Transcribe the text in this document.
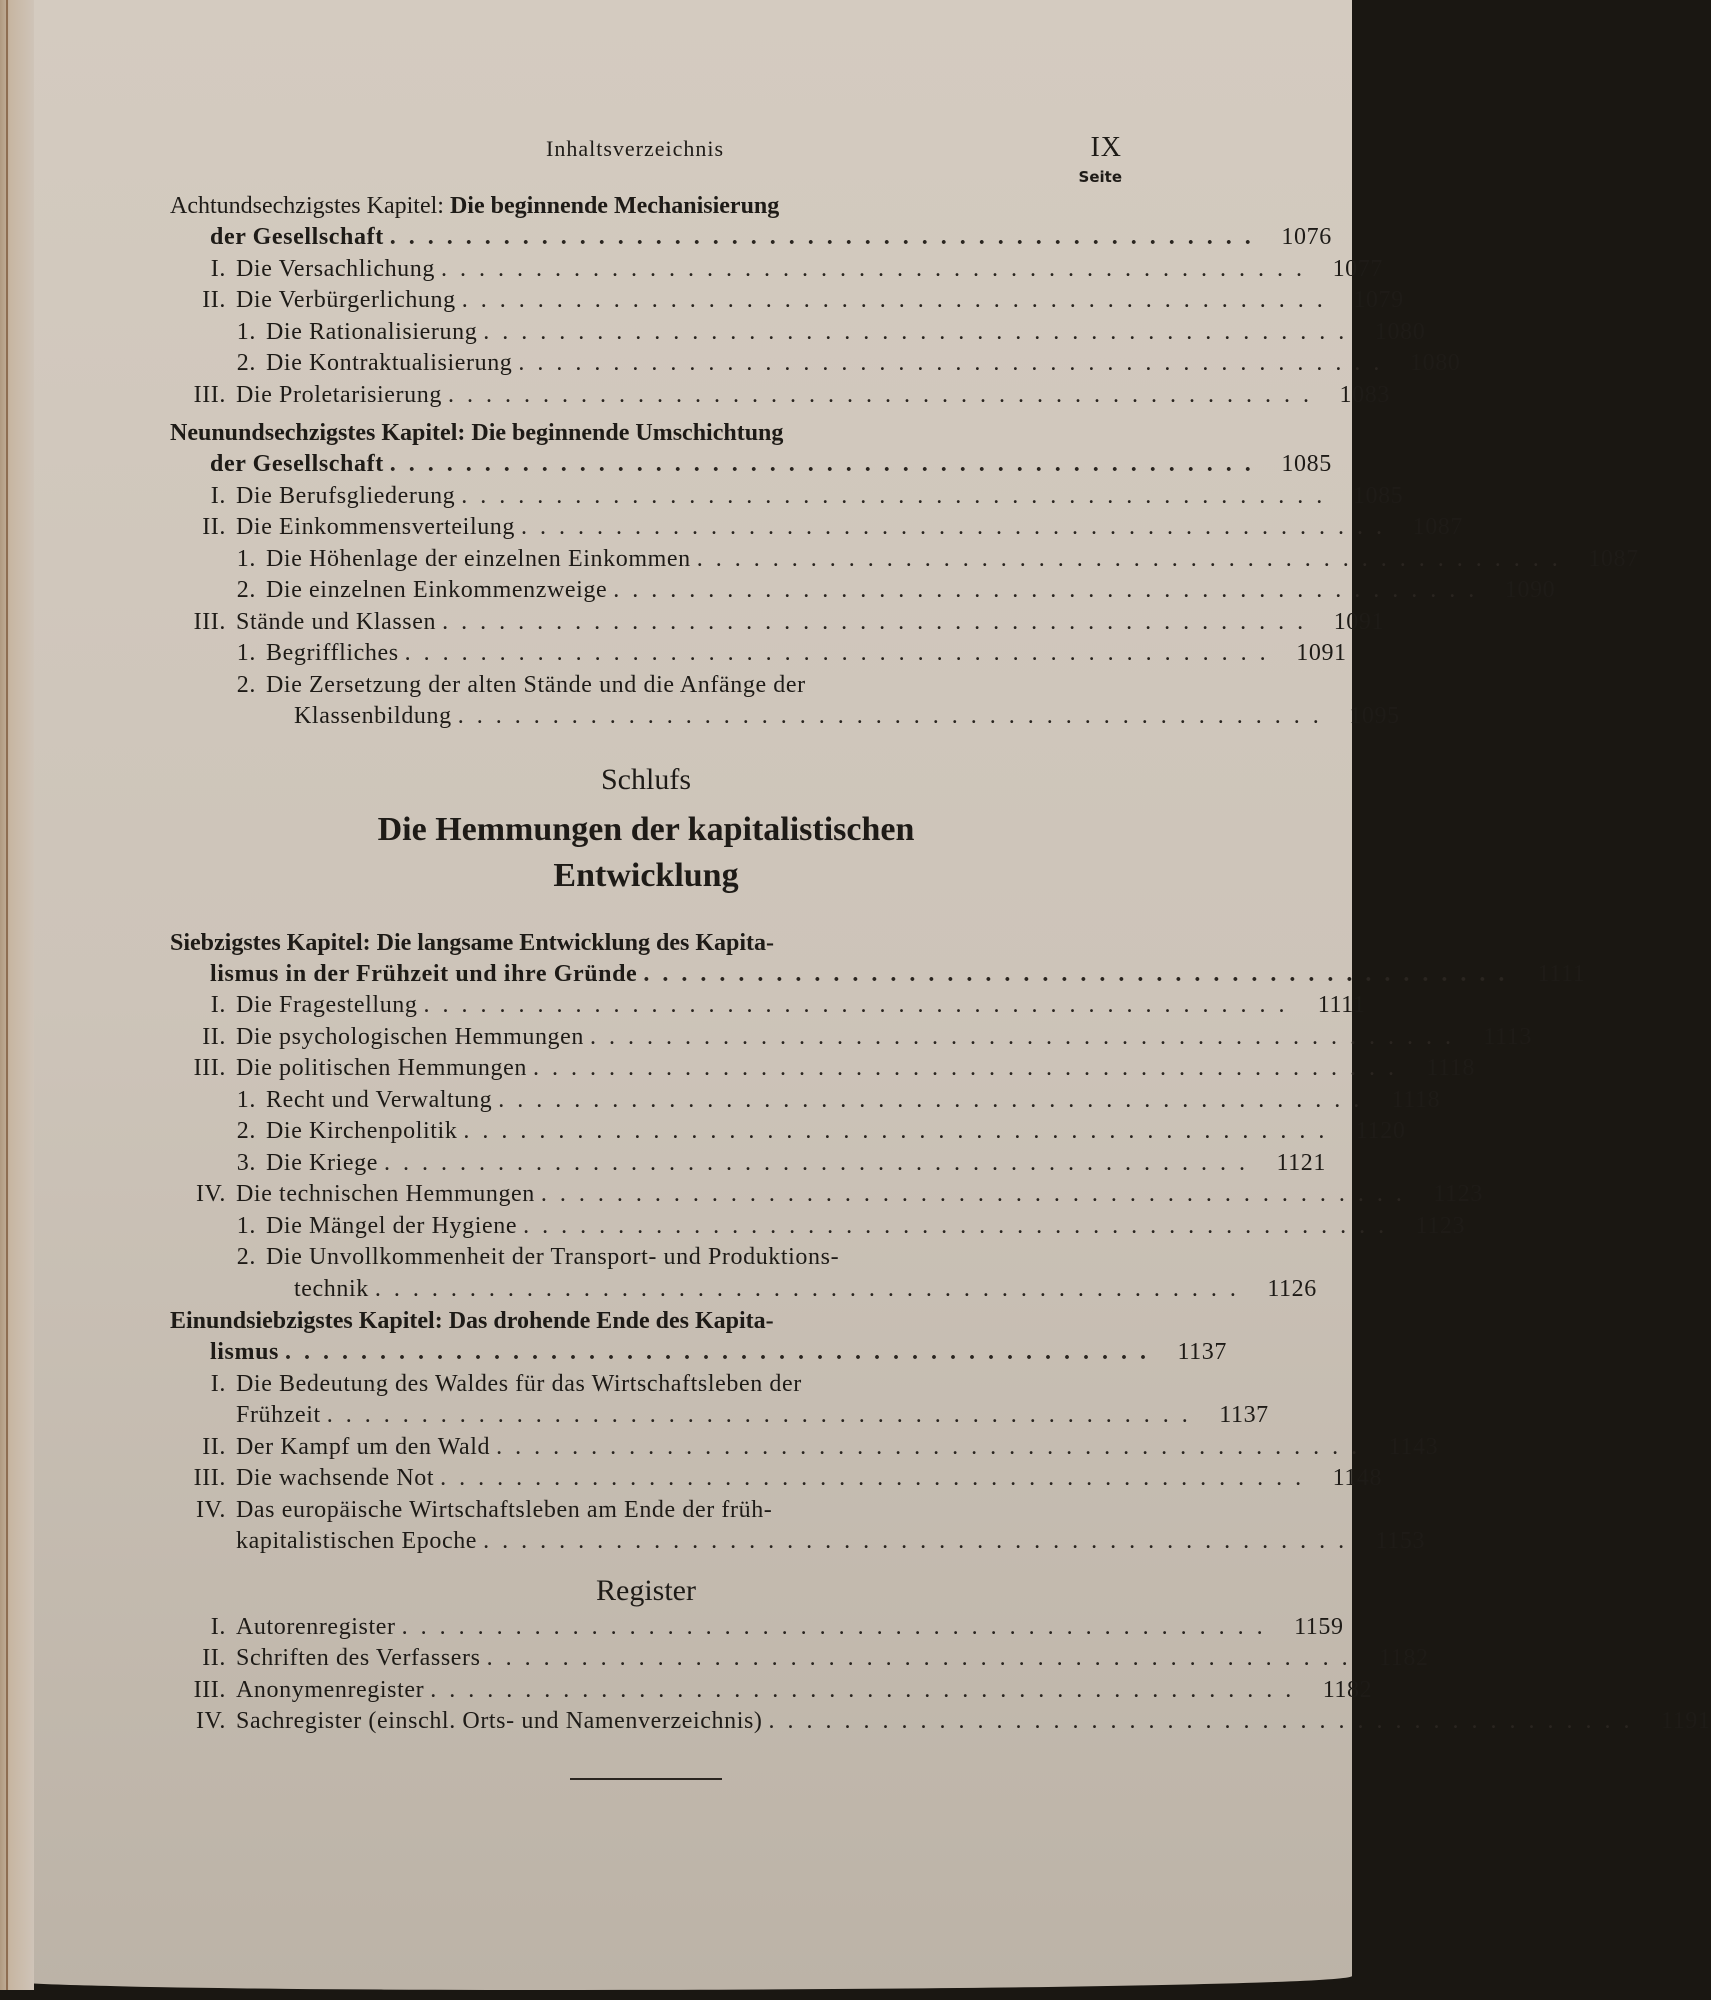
Inhaltsverzeichnis	IX
Seite
Achtundsechzigstes Kapitel: Die beginnende Mechanisierung
der Gesellschaft .............................................. 1076
I. Die Versachlichung .............................................. 1077
II. Die Verbürgerlichung .............................................. 1079
1. Die Rationalisierung .............................................. 1080
2. Die Kontraktualisierung .............................................. 1080
III. Die Proletarisierung .............................................. 1083
Neunundsechzigstes Kapitel: Die beginnende Umschichtung
der Gesellschaft .............................................. 1085
I. Die Berufsgliederung .............................................. 1085
II. Die Einkommensverteilung .............................................. 1087
1. Die Höhenlage der einzelnen Einkommen .............................................. 1087
2. Die einzelnen Einkommenzweige .............................................. 1090
III. Stände und Klassen .............................................. 1091
1. Begriffliches .............................................. 1091
2. Die Zersetzung der alten Stände und die Anfänge der
Klassenbildung .............................................. 1095
Schlufs
Die Hemmungen der kapitalistischen
Entwicklung
Siebzigstes Kapitel: Die langsame Entwicklung des Kapita-
lismus in der Frühzeit und ihre Gründe .............................................. 1111
I. Die Fragestellung .............................................. 1111
II. Die psychologischen Hemmungen .............................................. 1113
III. Die politischen Hemmungen .............................................. 1118
1. Recht und Verwaltung .............................................. 1118
2. Die Kirchenpolitik .............................................. 1120
3. Die Kriege .............................................. 1121
IV. Die technischen Hemmungen .............................................. 1123
1. Die Mängel der Hygiene .............................................. 1123
2. Die Unvollkommenheit der Transport- und Produktions-
technik .............................................. 1126
Einundsiebzigstes Kapitel: Das drohende Ende des Kapita-
lismus .............................................. 1137
I. Die Bedeutung des Waldes für das Wirtschaftsleben der
Frühzeit .............................................. 1137
II. Der Kampf um den Wald .............................................. 1143
III. Die wachsende Not .............................................. 1148
IV. Das europäische Wirtschaftsleben am Ende der früh-
kapitalistischen Epoche .............................................. 1153
Register
I. Autorenregister .............................................. 1159
II. Schriften des Verfassers .............................................. 1182
III. Anonymenregister .............................................. 1182
IV. Sachregister (einschl. Orts- und Namenverzeichnis) .............................................. 1191
